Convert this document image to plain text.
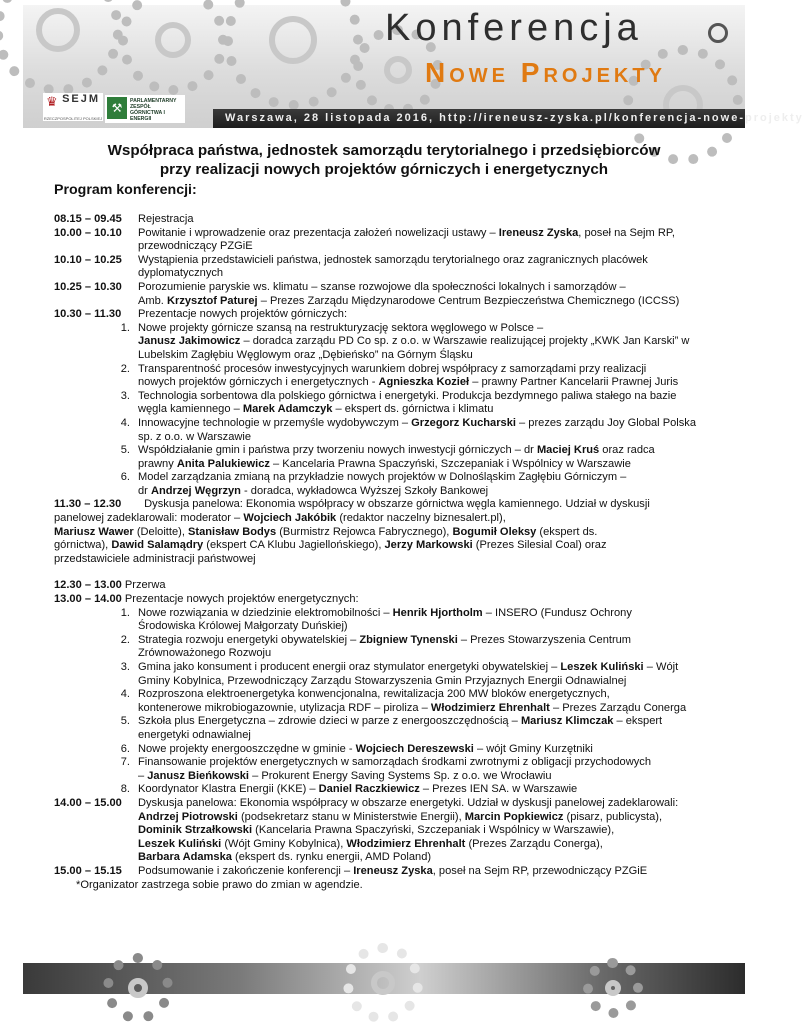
Konferencja
Nowe Projekty
♛ $^{SEJM}$
RZECZPOSPOLITEJ POLSKIEJ
⚒	PARLAMENTARNY
ZESPÓŁ
GÓRNICTWA I ENERGII	Warszawa, 28 listopada 2016, http://ireneusz-zyska.pl/konferencja-nowe-projekty
Współpraca państwa, jednostek samorządu terytorialnego i przedsiębiorców
przy realizacji nowych projektów górniczych i energetycznych
Program konferencji:
08.15 – 09.45	Rejestracja
10.00 – 10.10	Powitanie i wprowadzenie oraz prezentacja założeń nowelizacji ustawy – Ireneusz Zyska, poseł na Sejm RP,
przewodniczący PZGiE
10.10 – 10.25	Wystąpienia przedstawicieli państwa, jednostek samorządu terytorialnego oraz zagranicznych placówek
dyplomatycznych
10.25 – 10.30	Porozumienie paryskie ws. klimatu – szanse rozwojowe dla społeczności lokalnych i samorządów –
Amb. Krzysztof Paturej – Prezes Zarządu Międzynarodowe Centrum Bezpieczeństwa Chemicznego (ICCSS)
10.30 – 11.30	Prezentacje nowych projektów górniczych:
1. Nowe projekty górnicze szansą na restrukturyzację sektora węglowego w Polsce –
Janusz Jakimowicz – doradca zarządu PD Co sp. z o.o. w Warszawie realizującej projekty „KWK Jan Karski” w
Lubelskim Zagłębiu Węglowym oraz „Dębieńsko” na Górnym Śląsku
2. Transparentność procesów inwestycyjnych warunkiem dobrej współpracy z samorządami przy realizacji
nowych projektów górniczych i energetycznych - Agnieszka Kozieł – prawny Partner Kancelarii Prawnej Juris
3. Technologia sorbentowa dla polskiego górnictwa i energetyki. Produkcja bezdymnego paliwa stałego na bazie
węgla kamiennego – Marek Adamczyk – ekspert ds. górnictwa i klimatu
4. Innowacyjne technologie w przemyśle wydobywczym – Grzegorz Kucharski – prezes zarządu Joy Global Polska
sp. z o.o. w Warszawie
5. Współdziałanie gmin i państwa przy tworzeniu nowych inwestycji górniczych – dr Maciej Kruś oraz radca
prawny Anita Palukiewicz – Kancelaria Prawna Spaczyński, Szczepaniak i Wspólnicy w Warszawie
6. Model zarządzania zmianą na przykładzie nowych projektów w Dolnośląskim Zagłębiu Górniczym –
dr Andrzej Węgrzyn - doradca, wykładowca Wyższej Szkoły Bankowej
11.30 – 12.30	Dyskusja panelowa: Ekonomia współpracy w obszarze górnictwa węgla kamiennego. Udział w dyskusji
panelowej zadeklarowali: moderator – Wojciech Jakóbik (redaktor naczelny biznesalert.pl),
Mariusz Wawer (Deloitte), Stanisław Bodys (Burmistrz Rejowca Fabrycznego), Bogumił Oleksy (ekspert ds.
górnictwa), Dawid Salamądry (ekspert CA Klubu Jagiellońskiego), Jerzy Markowski (Prezes Silesial Coal) oraz
przedstawiciele administracji państwowej
12.30 – 13.00 Przerwa
13.00 – 14.00 Prezentacje nowych projektów energetycznych:
1. Nowe rozwiązania w dziedzinie elektromobilności – Henrik Hjortholm – INSERO (Fundusz Ochrony
Środowiska Królowej Małgorzaty Duńskiej)
2. Strategia rozwoju energetyki obywatelskiej – Zbigniew Tynenski – Prezes Stowarzyszenia Centrum
Zrównoważonego Rozwoju
3. Gmina jako konsument i producent energii oraz stymulator energetyki obywatelskiej – Leszek Kuliński – Wójt
Gminy Kobylnica, Przewodniczący Zarządu Stowarzyszenia Gmin Przyjaznych Energii Odnawialnej
4. Rozproszona elektroenergetyka konwencjonalna, rewitalizacja 200 MW bloków energetycznych,
kontenerowe mikrobiogazownie, utylizacja RDF – piroliza – Włodzimierz Ehrenhalt – Prezes Zarządu Conerga
5. Szkoła plus Energetyczna – zdrowie dzieci w parze z energooszczędnością – Mariusz Klimczak – ekspert
energetyki odnawialnej
6. Nowe projekty energooszczędne w gminie - Wojciech Dereszewski – wójt Gminy Kurzętniki
7. Finansowanie projektów energetycznych w samorządach środkami zwrotnymi z obligacji przychodowych
– Janusz Bieńkowski – Prokurent Energy Saving Systems Sp. z o.o. we Wrocławiu
8. Koordynator Klastra Energii (KKE) – Daniel Raczkiewicz – Prezes IEN SA. w Warszawie
14.00 – 15.00	Dyskusja panelowa: Ekonomia współpracy w obszarze energetyki. Udział w dyskusji panelowej zadeklarowali:
Andrzej Piotrowski (podsekretarz stanu w Ministerstwie Energii), Marcin Popkiewicz (pisarz, publicysta),
Dominik Strzałkowski (Kancelaria Prawna Spaczyński, Szczepaniak i Wspólnicy w Warszawie),
Leszek Kuliński (Wójt Gminy Kobylnica), Włodzimierz Ehrenhalt (Prezes Zarządu Conerga),
Barbara Adamska (ekspert ds. rynku energii, AMD Poland)
15.00 – 15.15	Podsumowanie i zakończenie konferencji – Ireneusz Zyska, poseł na Sejm RP, przewodniczący PZGiE
*Organizator zastrzega sobie prawo do zmian w agendzie.
